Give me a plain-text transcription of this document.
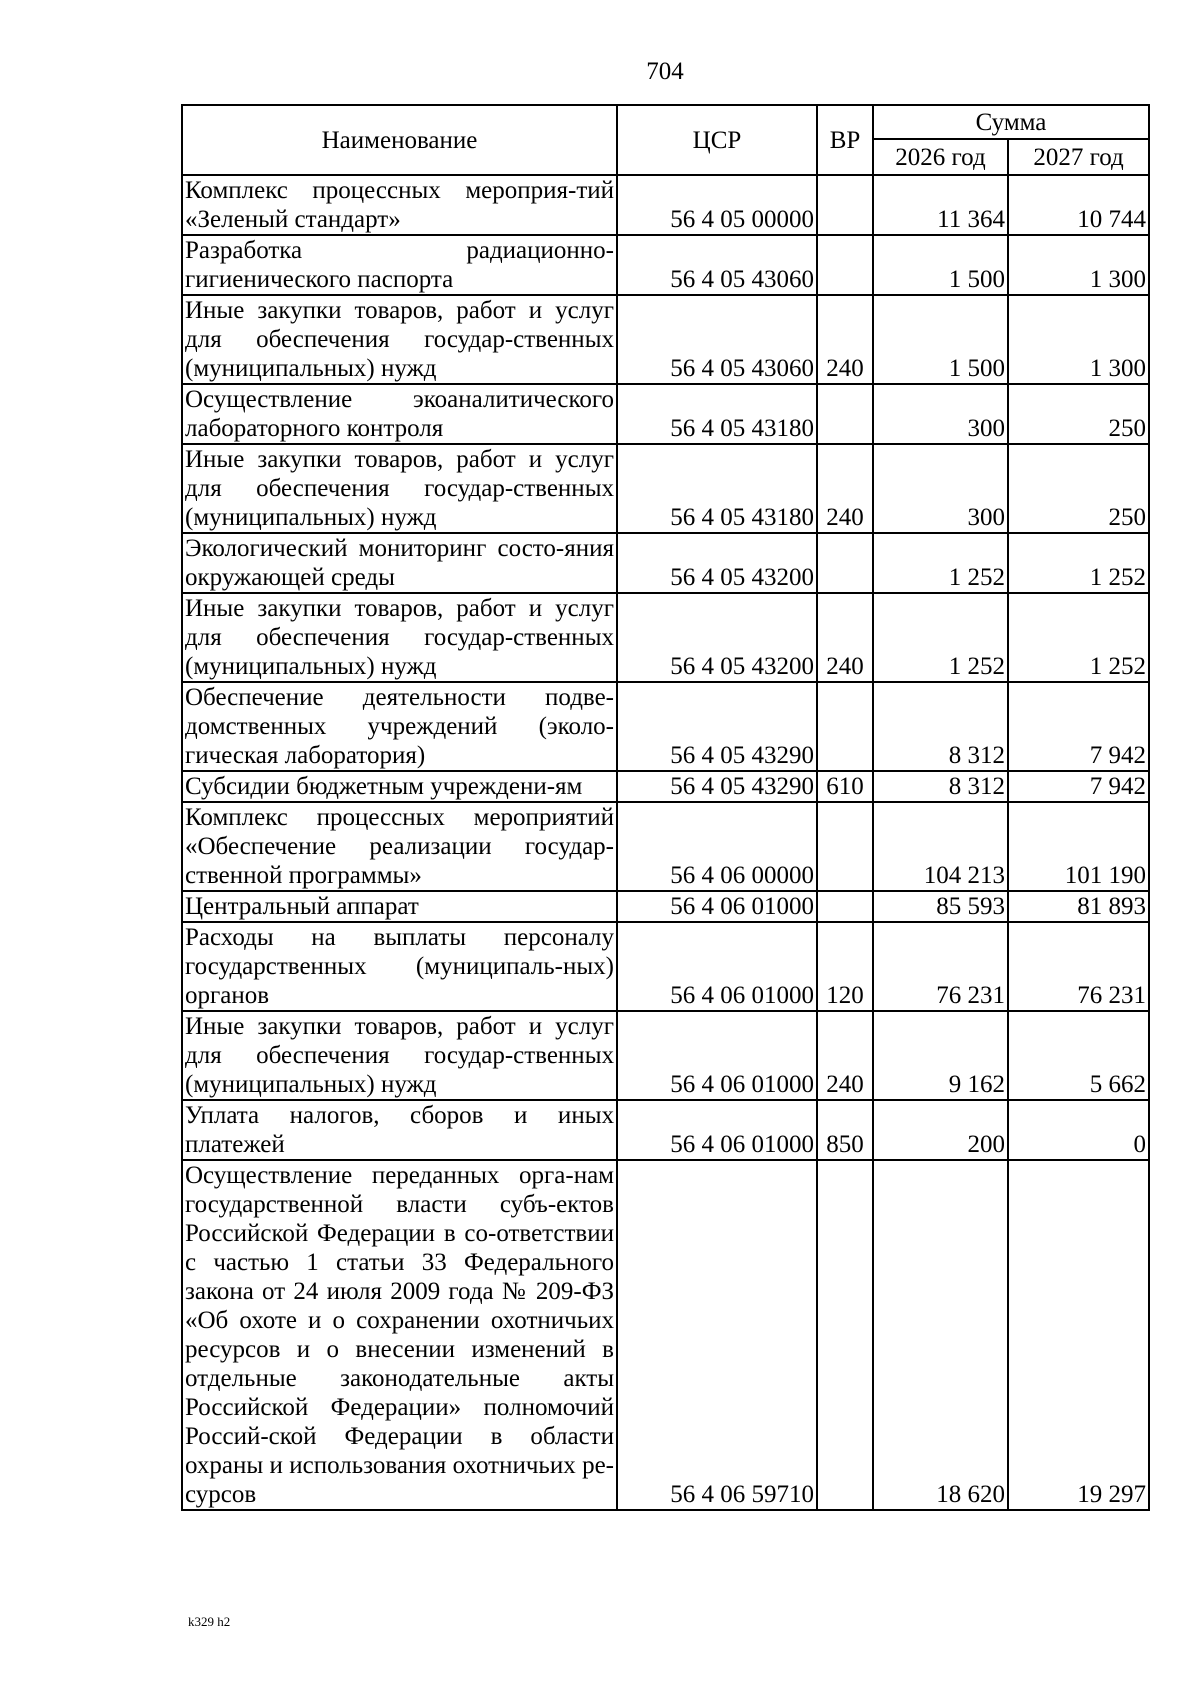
704
Наименование	ЦСР	ВР	Сумма	
			2026 год	2027 год
Комплекс процессных мероприя-тий «Зеленый стандарт»	56 4 05 00000		11 364	10 744
Разработка радиационно-гигиенического паспорта	56 4 05 43060		1 500	1 300
Иные закупки товаров, работ и услуг для обеспечения государ-ственных (муниципальных) нужд	56 4 05 43060	240	1 500	1 300
Осуществление экоаналитического лабораторного контроля	56 4 05 43180		300	250
Иные закупки товаров, работ и услуг для обеспечения государ-ственных (муниципальных) нужд	56 4 05 43180	240	300	250
Экологический мониторинг состо-яния окружающей среды	56 4 05 43200		1 252	1 252
Иные закупки товаров, работ и услуг для обеспечения государ-ственных (муниципальных) нужд	56 4 05 43200	240	1 252	1 252
Обеспечение деятельности подве-домственных учреждений (эколо-гическая лаборатория)	56 4 05 43290		8 312	7 942
Субсидии бюджетным учреждени-ям	56 4 05 43290	610	8 312	7 942
Комплекс процессных мероприятий «Обеспечение реализации государ-ственной программы»	56 4 06 00000		104 213	101 190
Центральный аппарат	56 4 06 01000		85 593	81 893
Расходы на выплаты персоналу государственных (муниципаль-ных) органов	56 4 06 01000	120	76 231	76 231
Иные закупки товаров, работ и услуг для обеспечения государ-ственных (муниципальных) нужд	56 4 06 01000	240	9 162	5 662
Уплата налогов, сборов и иных платежей	56 4 06 01000	850	200	0
Осуществление переданных орга-нам государственной власти субъ-ектов Российской Федерации в со-ответствии с частью 1 статьи 33 Федерального закона от 24 июля 2009 года № 209-ФЗ «Об охоте и о сохранении охотничьих ресурсов и о внесении изменений в отдельные законодательные акты Российской Федерации» полномочий Россий-ской Федерации в области охраны и использования охотничьих ре-сурсов	56 4 06 59710		18 620	19 297
k329 h2
